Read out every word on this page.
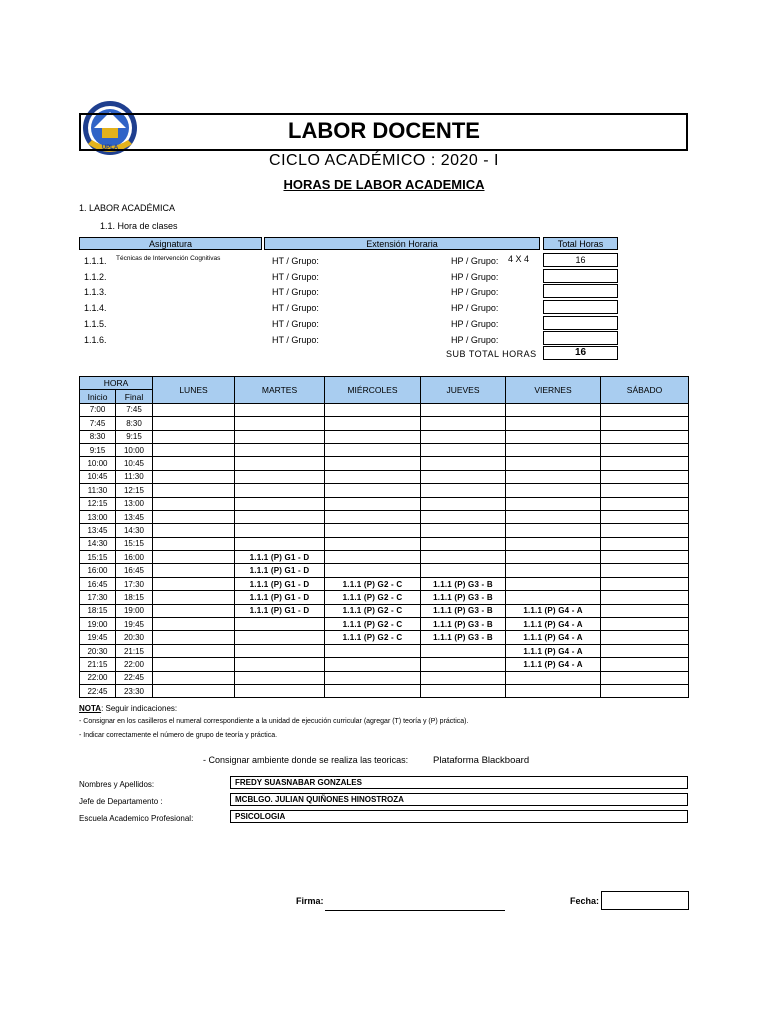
UPLA
LABOR DOCENTE
CICLO ACADÉMICO : 2020 - I
HORAS DE LABOR ACADEMICA
1. LABOR ACADÉMICA
1.1. Hora de clases
Asignatura	Extensión Horaria	Total Horas
1.1.1. Técnicas de Intervención Cognitivas	HT / Grupo:	HP / Grupo: 4 X 4	16
1.1.2.	HT / Grupo:	HP / Grupo:
1.1.3.	HT / Grupo:	HP / Grupo:
1.1.4.	HT / Grupo:	HP / Grupo:
1.1.5.	HT / Grupo:	HP / Grupo:
1.1.6.	HT / Grupo:	HP / Grupo:
SUB TOTAL HORAS	16
HORA		LUNES	MARTES	MIÉRCOLES	JUEVES	VIERNES	SÁBADO
Inicio	Final						
7:00	7:45						
7:45	8:30						
8:30	9:15						
9:15	10:00						
10:00	10:45						
10:45	11:30						
11:30	12:15						
12:15	13:00						
13:00	13:45						
13:45	14:30						
14:30	15:15						
15:15	16:00		1.1.1 (P) G1 - D				
16:00	16:45		1.1.1 (P) G1 - D				
16:45	17:30		1.1.1 (P) G1 - D	1.1.1 (P) G2 - C	1.1.1 (P) G3 - B		
17:30	18:15		1.1.1 (P) G1 - D	1.1.1 (P) G2 - C	1.1.1 (P) G3 - B		
18:15	19:00		1.1.1 (P) G1 - D	1.1.1 (P) G2 - C	1.1.1 (P) G3 - B	1.1.1 (P) G4 - A	
19:00	19:45			1.1.1 (P) G2 - C	1.1.1 (P) G3 - B	1.1.1 (P) G4 - A	
19:45	20:30			1.1.1 (P) G2 - C	1.1.1 (P) G3 - B	1.1.1 (P) G4 - A	
20:30	21:15					1.1.1 (P) G4 - A	
21:15	22:00					1.1.1 (P) G4 - A	
22:00	22:45						
22:45	23:30						
NOTA: Seguir indicaciones:
- Consignar en los casilleros el numeral correspondiente a la unidad de ejecución curricular (agregar (T) teoría y (P) práctica).
- Indicar correctamente el número de grupo de teoría y práctica.
- Consignar ambiente donde se realiza las teoricas:	Plataforma Blackboard
Nombres y Apellidos:	FREDY SUASNABAR GONZALES
Jefe de Departamento :	MCBLGO. JULIAN QUIÑONES HINOSTROZA
Escuela Academico Profesional:	PSICOLOGIA
Firma:	Fecha:
